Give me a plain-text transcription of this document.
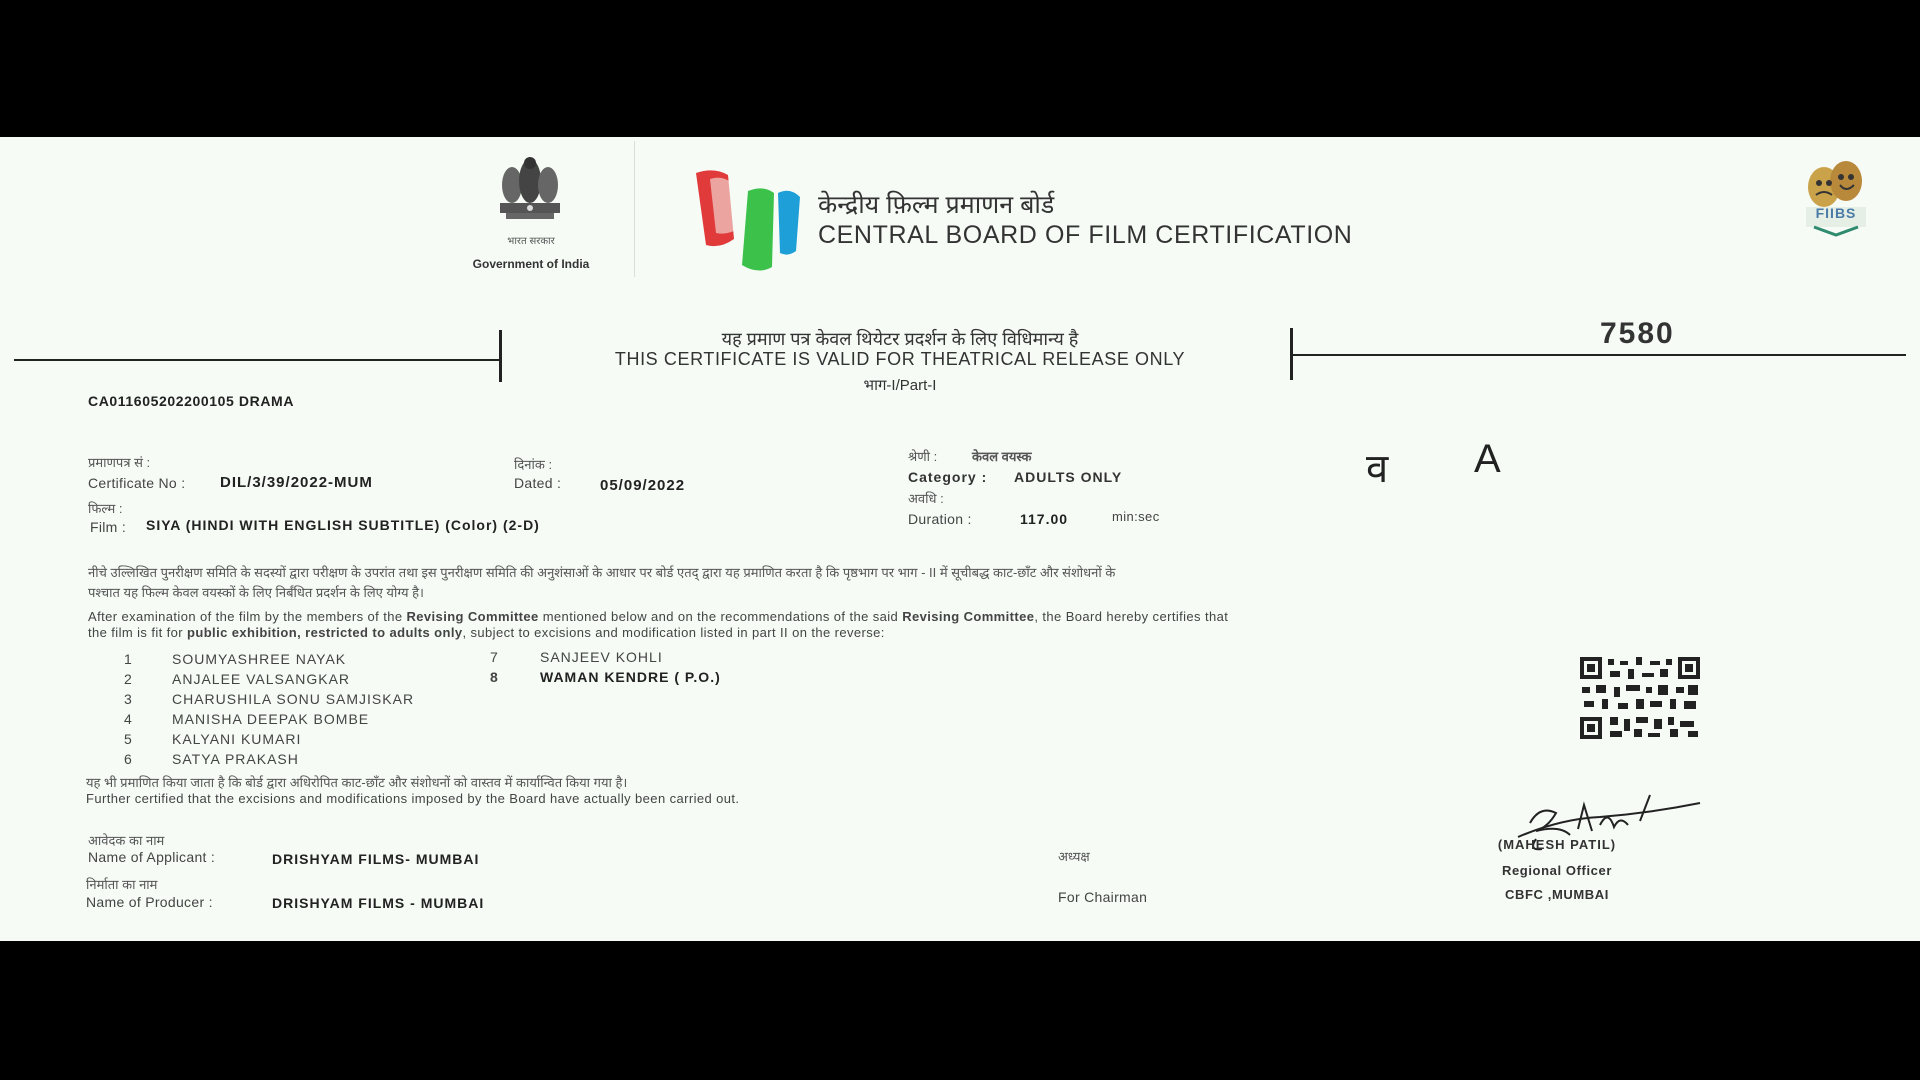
भारत सरकार
Government of India
केन्द्रीय फ़िल्म प्रमाणन बोर्ड
CENTRAL BOARD OF FILM CERTIFICATION
FIIBS
यह प्रमाण पत्र केवल थियेटर प्रदर्शन के लिए विधिमान्य है
THIS CERTIFICATE IS VALID FOR THEATRICAL RELEASE ONLY
भाग-I/Part-I
7580
CA011605202200105 DRAMA
प्रमाणपत्र सं :
Certificate No : DIL/3/39/2022-MUM
दिनांक :
Dated :	05/09/2022
फिल्म :
Film : SIYA (HINDI WITH ENGLISH SUBTITLE) (Color) (2-D)
श्रेणी :	केवल वयस्क
Category : ADULTS ONLY
अवधि :
Duration :	117.00	min:sec
व A
नीचे उल्लिखित पुनरीक्षण समिति के सदस्यों द्वारा परीक्षण के उपरांत तथा इस पुनरीक्षण समिति की अनुशंसाओं के आधार पर बोर्ड एतद् द्वारा यह प्रमाणित करता है कि पृष्ठभाग पर भाग - II में सूचीबद्ध काट-छाँट और संशोधनों के
पश्चात यह फिल्म केवल वयस्कों के लिए निर्बंधित प्रदर्शन के लिए योग्य है।
After examination of the film by the members of the Revising Committee mentioned below and on the recommendations of the said Revising Committee, the Board hereby certifies that
the film is fit for public exhibition, restricted to adults only, subject to excisions and modification listed in part II on the reverse:
1	SOUMYASHREE NAYAK
2	ANJALEE VALSANGKAR
3	CHARUSHILA SONU SAMJISKAR
4	MANISHA DEEPAK BOMBE
5	KALYANI KUMARI
6	SATYA PRAKASH
7	SANJEEV KOHLI
8	WAMAN KENDRE ( P.O.)
यह भी प्रमाणित किया जाता है कि बोर्ड द्वारा अधिरोपित काट-छाँट और संशोधनों को वास्तव में कार्यान्वित किया गया है।
Further certified that the excisions and modifications imposed by the Board have actually been carried out.
आवेदक का नाम
Name of Applicant :	DRISHYAM FILMS- MUMBAI
निर्माता का नाम
Name of Producer :	DRISHYAM FILMS - MUMBAI
अध्यक्ष
For Chairman
(MAHESH PATIL)
Regional Officer
CBFC ,MUMBAI
